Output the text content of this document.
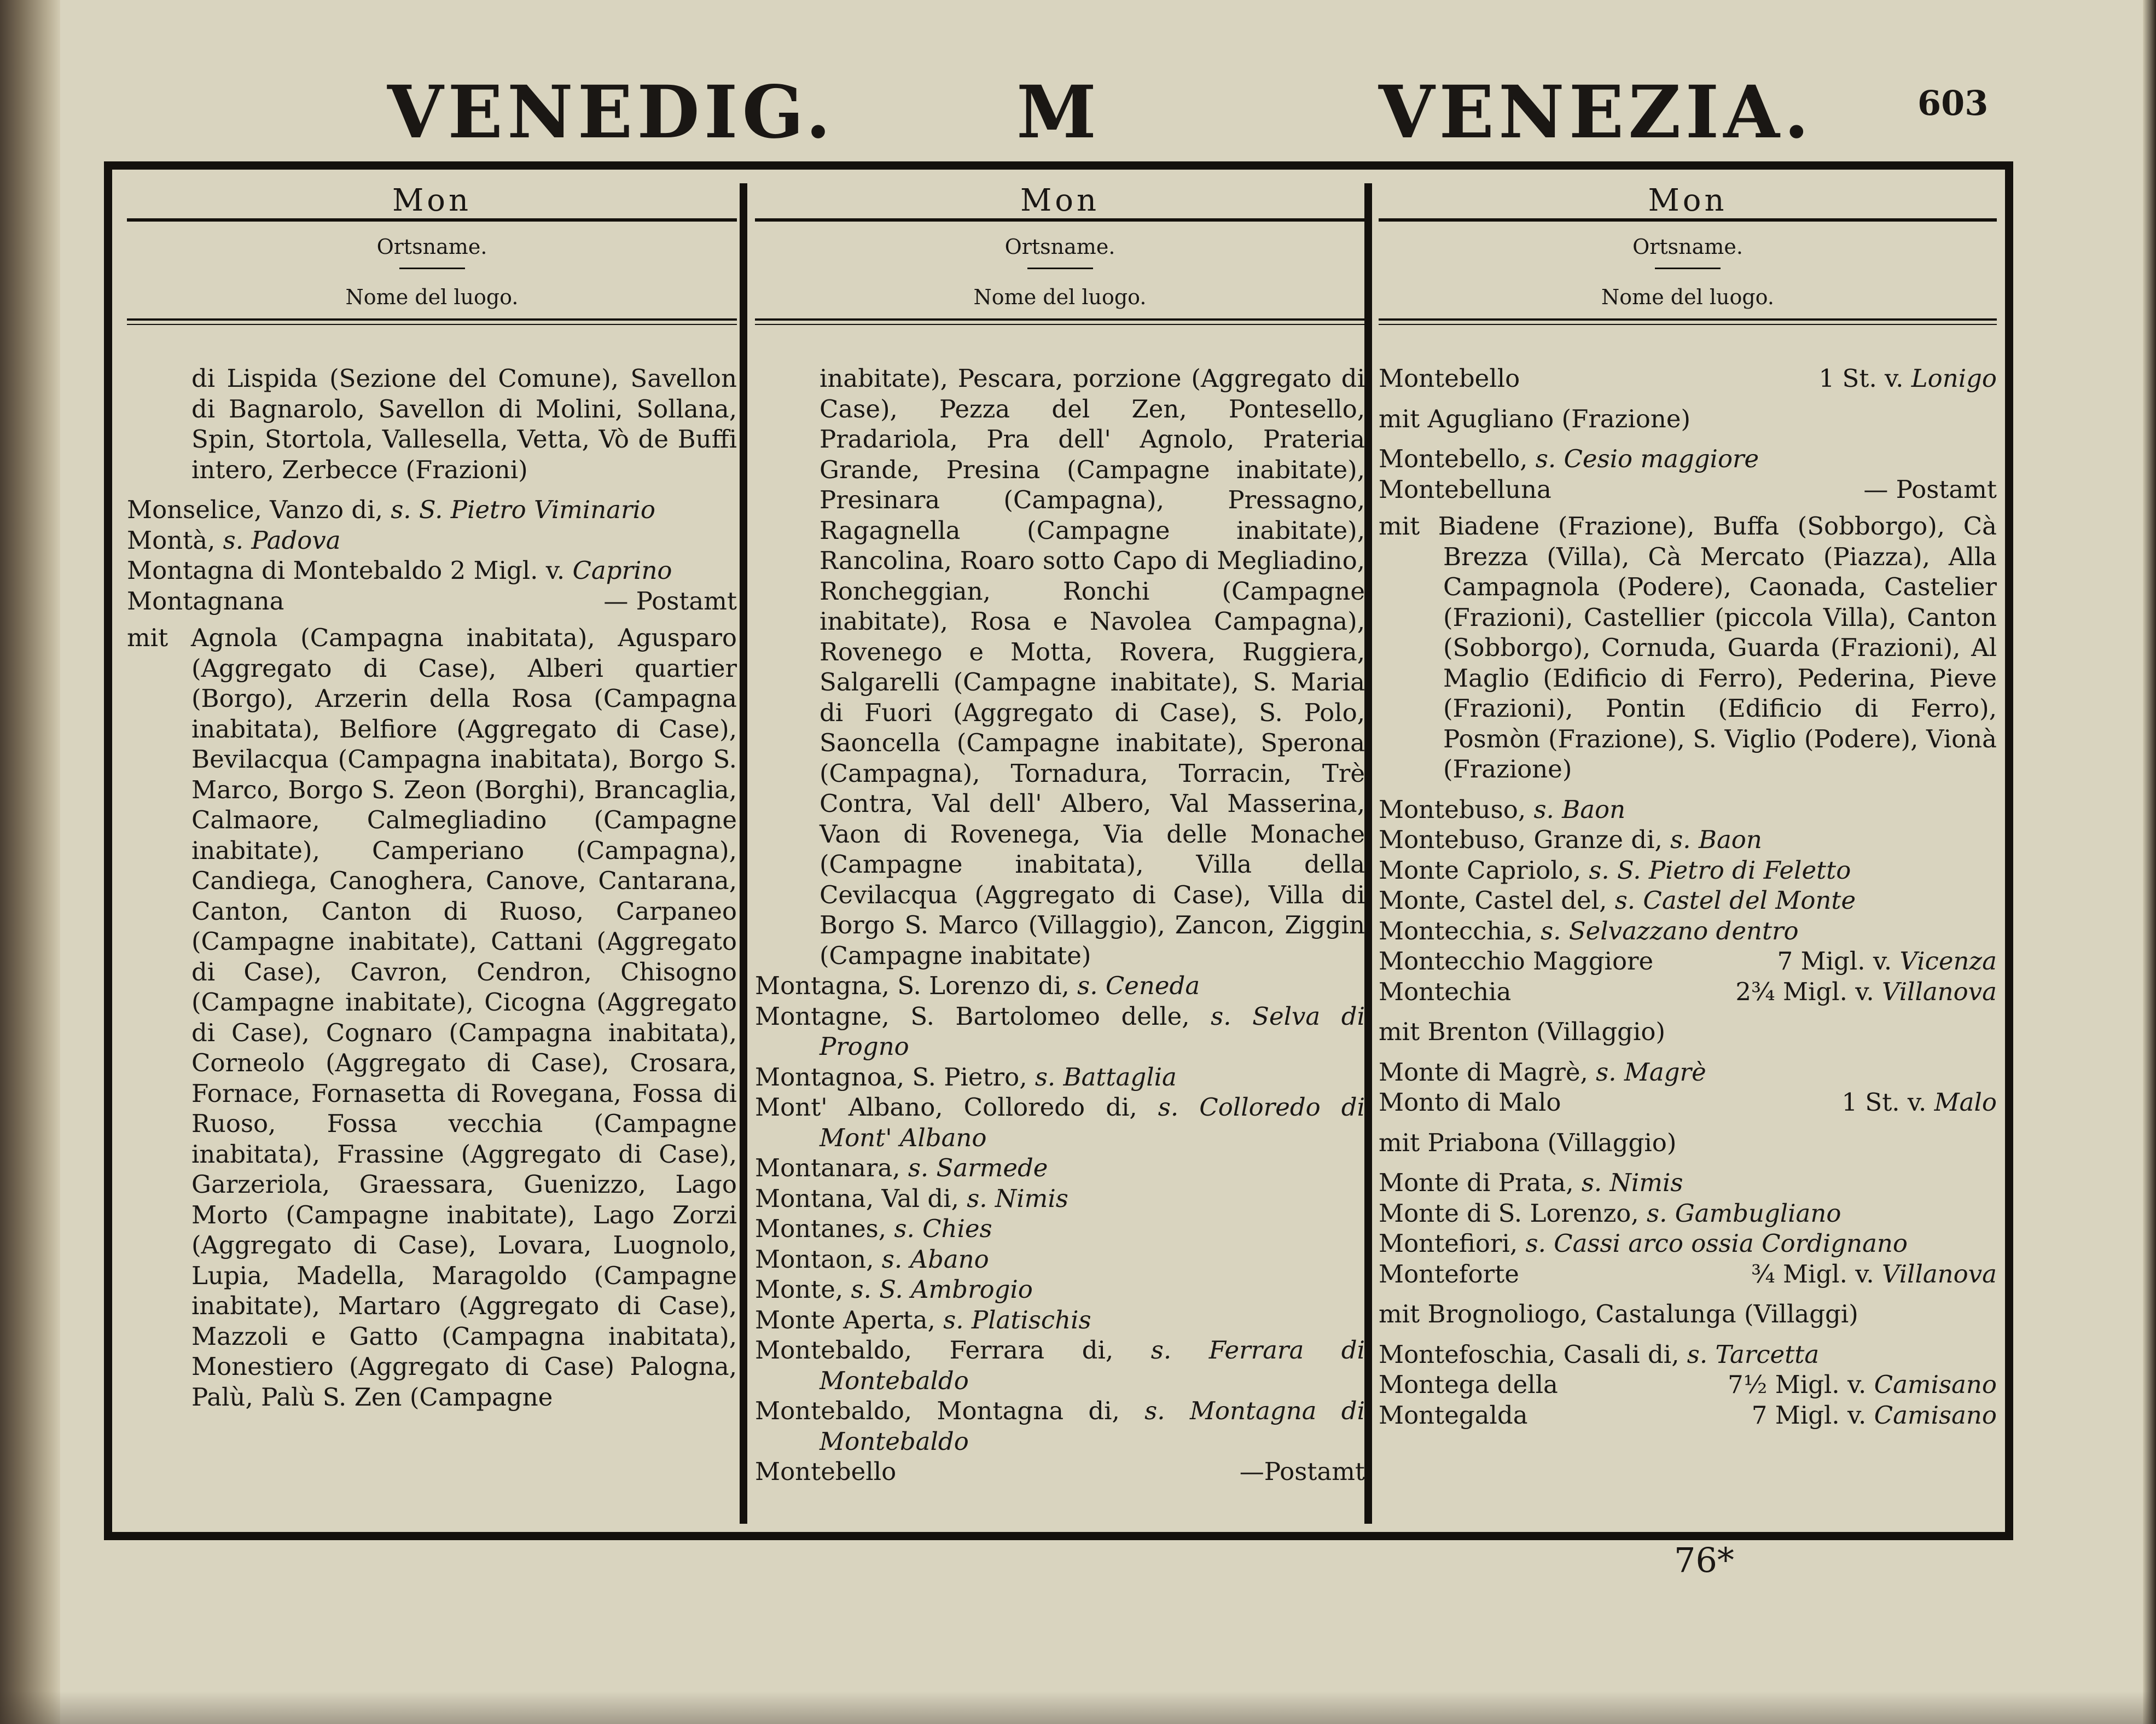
VENEDIG.	M	VENEZIA.	603
Mon
Ortsname.
Nome del luogo.

di Lispida (Sezione del Comune), Savellon di Bagnarolo, Savellon di Molini, Sollana, Spin, Stortola, Vallesella, Vetta, Vò de Buffi intero, Zerbecce (Frazioni)

Monselice, Vanzo di, s. S. Pietro Viminario

Montà, s. Padova

Montagna di Montebaldo 2 Migl. v. Caprino

Montagnana	— Postamt

mit Agnola (Campagna inabitata), Agusparo (Aggregato di Case), Alberi quartier (Borgo), Arzerin della Rosa (Campagna inabitata), Belfiore (Aggregato di Case), Bevilacqua (Campagna inabitata), Borgo S. Marco, Borgo S. Zeon (Borghi), Brancaglia, Calmaore, Calmegliadino (Campagne inabitate), Camperiano (Campagna), Candiega, Canoghera, Canove, Cantarana, Canton, Canton di Ruoso, Carpaneo (Campagne inabitate), Cattani (Aggregato di Case), Cavron, Cendron, Chisogno (Campagne inabitate), Cicogna (Aggregato di Case), Cognaro (Campagna inabitata), Corneolo (Aggregato di Case), Crosara, Fornace, Fornasetta di Rovegana, Fossa di Ruoso, Fossa vecchia (Campagne inabitata), Frassine (Aggregato di Case), Garzeriola, Graessara, Guenizzo, Lago Morto (Campagne inabitate), Lago Zorzi (Aggregato di Case), Lovara, Luognolo, Lupia, Madella, Maragoldo (Campagne inabitate), Martaro (Aggregato di Case), Mazzoli e Gatto (Campagna inabitata), Monestiero (Aggregato di Case) Palogna, Palù, Palù S. Zen (Campagne

Mon
Ortsname.
Nome del luogo.

inabitate), Pescara, porzione (Aggregato di Case), Pezza del Zen, Pontesello, Pradariola, Pra dell' Agnolo, Prateria Grande, Presina (Campagne inabitate), Presinara (Campagna), Pressagno, Ragagnella (Campagne inabitate), Rancolina, Roaro sotto Capo di Megliadino, Roncheggian, Ronchi (Campagne inabitate), Rosa e Navolea Campagna), Rovenego e Motta, Rovera, Ruggiera, Salgarelli (Campagne inabitate), S. Maria di Fuori (Aggregato di Case), S. Polo, Saoncella (Campagne inabitate), Sperona (Campagna), Tornadura, Torracin, Trè Contra, Val dell' Albero, Val Masserina, Vaon di Rovenega, Via delle Monache (Campagne inabitata), Villa della Cevilacqua (Aggregato di Case), Villa di Borgo S. Marco (Villaggio), Zancon, Ziggin (Campagne inabitate)

Montagna, S. Lorenzo di, s. Ceneda

Montagne, S. Bartolomeo delle, s. Selva di Progno

Montagnoa, S. Pietro, s. Battaglia

Mont' Albano, Colloredo di, s. Colloredo di Mont' Albano

Montanara, s. Sarmede

Montana, Val di, s. Nimis

Montanes, s. Chies

Montaon, s. Abano

Monte, s. S. Ambrogio

Monte Aperta, s. Platischis

Montebaldo, Ferrara di, s. Ferrara di Montebaldo

Montebaldo, Montagna di, s. Montagna di Montebaldo

Montebello	—Postamt

Mon
Ortsname.
Nome del luogo.

Montebello	1 St. v. Lonigo

mit Agugliano (Frazione)

Montebello, s. Cesio maggiore

Montebelluna	— Postamt

mit Biadene (Frazione), Buffa (Sobborgo), Cà Brezza (Villa), Cà Mercato (Piazza), Alla Campagnola (Podere), Caonada, Castelier (Frazioni), Castellier (piccola Villa), Canton (Sobborgo), Cornuda, Guarda (Frazioni), Al Maglio (Edificio di Ferro), Pederina, Pieve (Frazioni), Pontin (Edificio di Ferro), Posmòn (Frazione), S. Viglio (Podere), Vionà (Frazione)

Montebuso, s. Baon

Montebuso, Granze di, s. Baon

Monte Capriolo, s. S. Pietro di Feletto

Monte, Castel del, s. Castel del Monte

Montecchia, s. Selvazzano dentro

Montecchio Maggiore	7 Migl. v. Vicenza

Montechia	2¾ Migl. v. Villanova

mit Brenton (Villaggio)

Monte di Magrè, s. Magrè

Monto di Malo	1 St. v. Malo

mit Priabona (Villaggio)

Monte di Prata, s. Nimis

Monte di S. Lorenzo, s. Gambugliano

Montefiori, s. Cassi arco ossia Cordignano

Monteforte	¾ Migl. v. Villanova

mit Brognoliogo, Castalunga (Villaggi)

Montefoschia, Casali di, s. Tarcetta

Montega della	7½ Migl. v. Camisano

Montegalda	7 Migl. v. Camisano

76*
